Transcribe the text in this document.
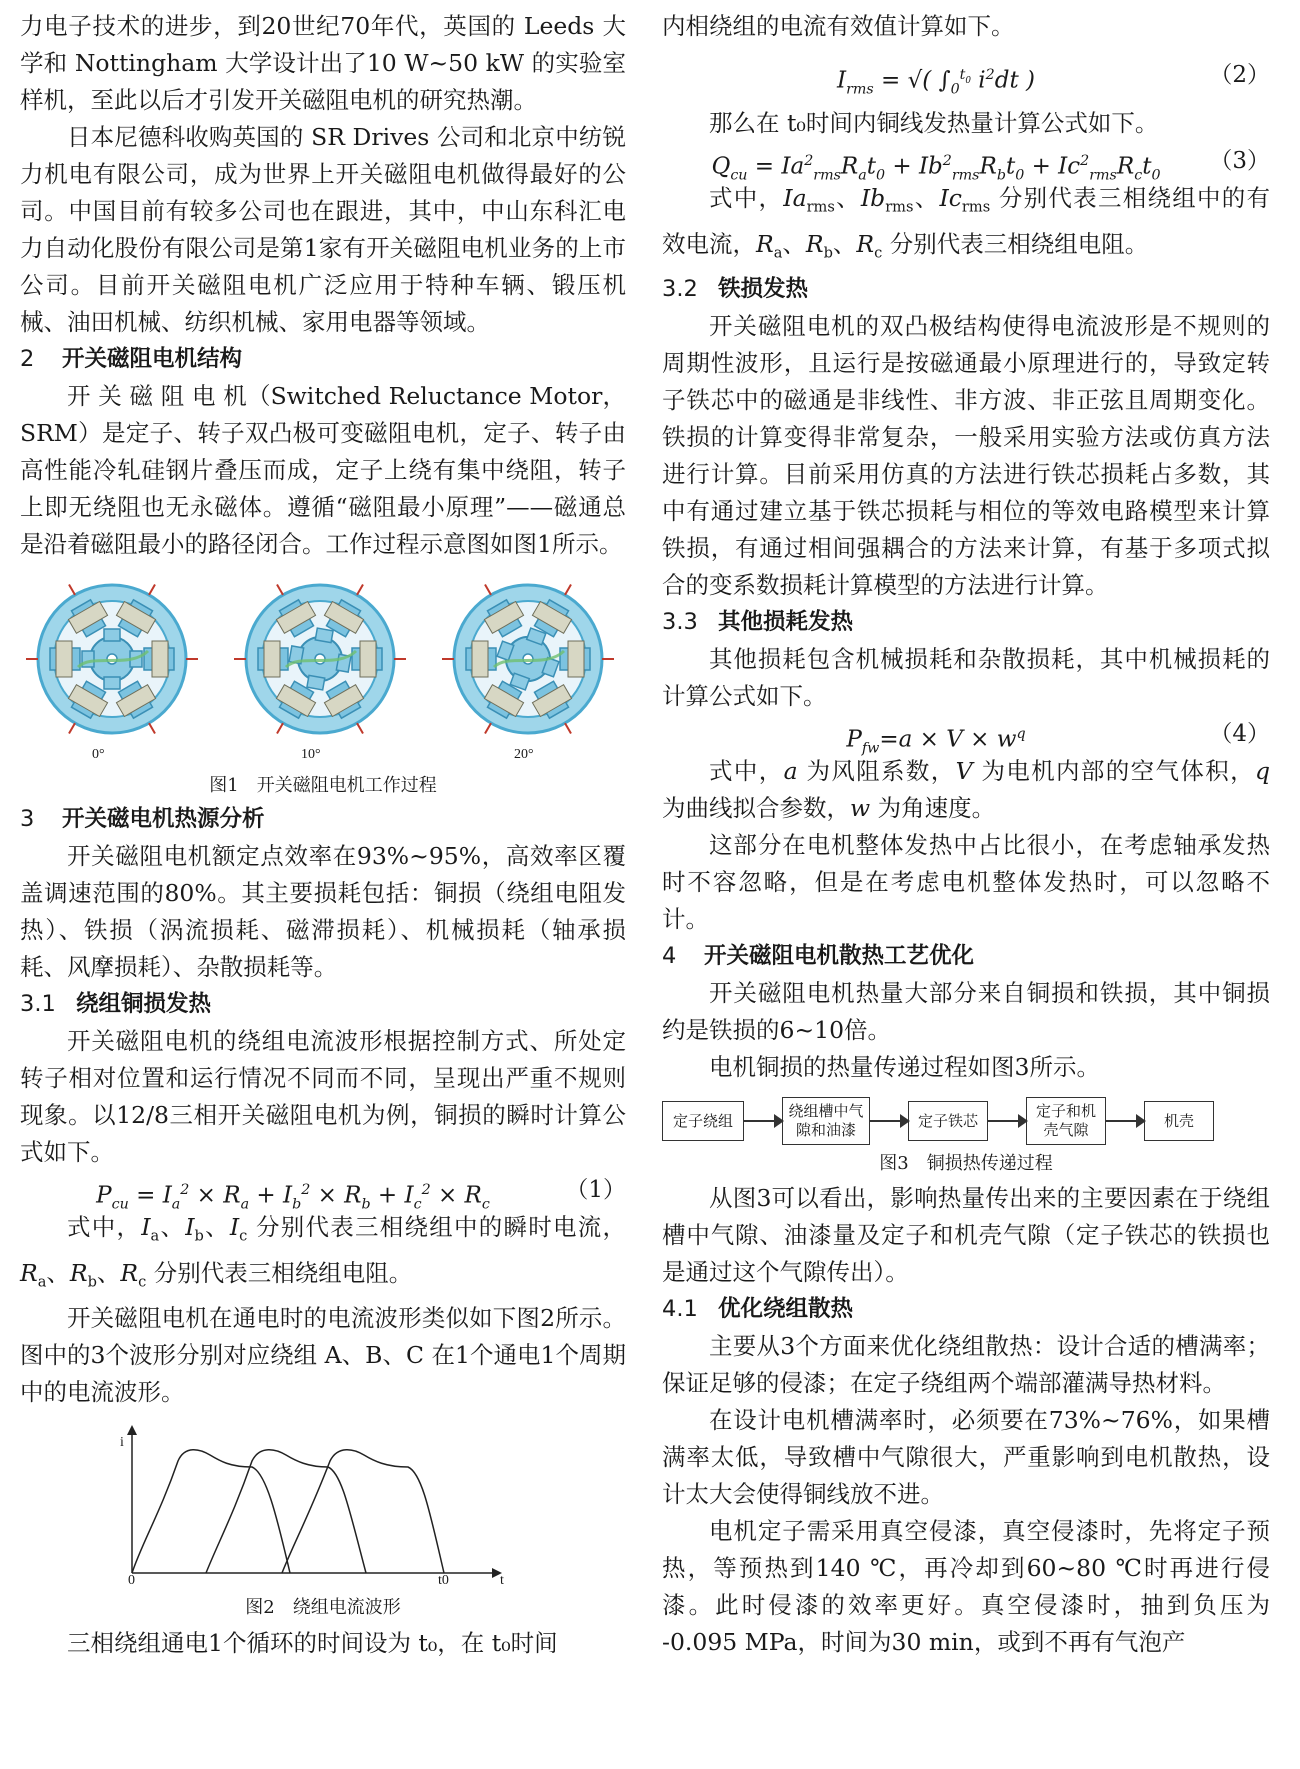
力电子技术的进步，到20世纪70年代，英国的 Leeds 大学和 Nottingham 大学设计出了10 W~50 kW 的实验室样机，至此以后才引发开关磁阻电机的研究热潮。

日本尼德科收购英国的 SR Drives 公司和北京中纺锐力机电有限公司，成为世界上开关磁阻电机做得最好的公司。中国目前有较多公司也在跟进，其中，中山东科汇电力自动化股份有限公司是第1家有开关磁阻电机业务的上市公司。目前开关磁阻电机广泛应用于特种车辆、锻压机械、油田机械、纺织机械、家用电器等领域。

2 开关磁阻电机结构

开 关 磁 阻 电 机（Switched Reluctance Motor，SRM）是定子、转子双凸极可变磁阻电机，定子、转子由高性能冷轧硅钢片叠压而成，定子上绕有集中绕阻，转子上即无绕阻也无永磁体。遵循“磁阻最小原理”——磁通总是沿着磁阻最小的路径闭合。工作过程示意图如图1所示。

0°	10°	20°

图1　开关磁阻电机工作过程

3 开关磁电机热源分析

开关磁阻电机额定点效率在93%~95%，高效率区覆盖调速范围的80%。其主要损耗包括：铜损（绕组电阻发热）、铁损（涡流损耗、磁滞损耗）、机械损耗（轴承损耗、风摩损耗）、杂散损耗等。

3.1 绕组铜损发热

开关磁阻电机的绕组电流波形根据控制方式、所处定转子相对位置和运行情况不同而不同，呈现出严重不规则现象。以12/8三相开关磁阻电机为例，铜损的瞬时计算公式如下。

$P_{cu} = I_a^2 \times R_a + I_b^2 \times R_b + I_c^2 \times R_c$
（1）

式中，$I_a$、$I_b$、$I_c$ 分别代表三相绕组中的瞬时电流，$R_a$、$R_b$、$R_c$ 分别代表三相绕组电阻。

开关磁阻电机在通电时的电流波形类似如下图2所示。图中的3个波形分别对应绕组 A、B、C 在1个通电1个周期中的电流波形。

i
0	t0	t

图2　绕组电流波形

三相绕组通电1个循环的时间设为 t₀，在 t₀时间

内相绕组的电流有效值计算如下。

$I_{rms}$ = √( $\int_0^{t_0}$ $i^2dt$ )	（2）

那么在 t₀时间内铜线发热量计算公式如下。

$Q_{cu} = Ia^2_{rms}R_at_0 + Ib^2_{rms}R_bt_0 + Ic^2_{rms}R_ct_0$
（3）

式中，$Ia_{rms}$、$Ib_{rms}$、$Ic_{rms}$ 分别代表三相绕组中的有效电流，$R_a$、$R_b$、$R_c$ 分别代表三相绕组电阻。

3.2 铁损发热

开关磁阻电机的双凸极结构使得电流波形是不规则的周期性波形，且运行是按磁通最小原理进行的，导致定转子铁芯中的磁通是非线性、非方波、非正弦且周期变化。铁损的计算变得非常复杂，一般采用实验方法或仿真方法进行计算。目前采用仿真的方法进行铁芯损耗占多数，其中有通过建立基于铁芯损耗与相位的等效电路模型来计算铁损，有通过相间强耦合的方法来计算，有基于多项式拟合的变系数损耗计算模型的方法进行计算。

3.3 其他损耗发热

其他损耗包含机械损耗和杂散损耗，其中机械损耗的计算公式如下。

$P_{fw}=a \times V \times w^q$	（4）

式中，a 为风阻系数，V 为电机内部的空气体积，q 为曲线拟合参数，w 为角速度。

这部分在电机整体发热中占比很小，在考虑轴承发热时不容忽略，但是在考虑电机整体发热时，可以忽略不计。

4 开关磁阻电机散热工艺优化

开关磁阻电机热量大部分来自铜损和铁损，其中铜损约是铁损的6~10倍。

电机铜损的热量传递过程如图3所示。

定子绕组
绕组槽中气隙和油漆
定子铁芯
定子和机壳气隙
机壳

图3　铜损热传递过程

从图3可以看出，影响热量传出来的主要因素在于绕组槽中气隙、油漆量及定子和机壳气隙（定子铁芯的铁损也是通过这个气隙传出）。

4.1 优化绕组散热

主要从3个方面来优化绕组散热：设计合适的槽满率；保证足够的侵漆；在定子绕组两个端部灌满导热材料。

在设计电机槽满率时，必须要在73%~76%，如果槽满率太低，导致槽中气隙很大，严重影响到电机散热，设计太大会使得铜线放不进。

电机定子需采用真空侵漆，真空侵漆时，先将定子预热，等预热到140 ℃，再冷却到60~80 ℃时再进行侵漆。此时侵漆的效率更好。真空侵漆时，抽到负压为 -0.095 MPa，时间为30 min，或到不再有气泡产
